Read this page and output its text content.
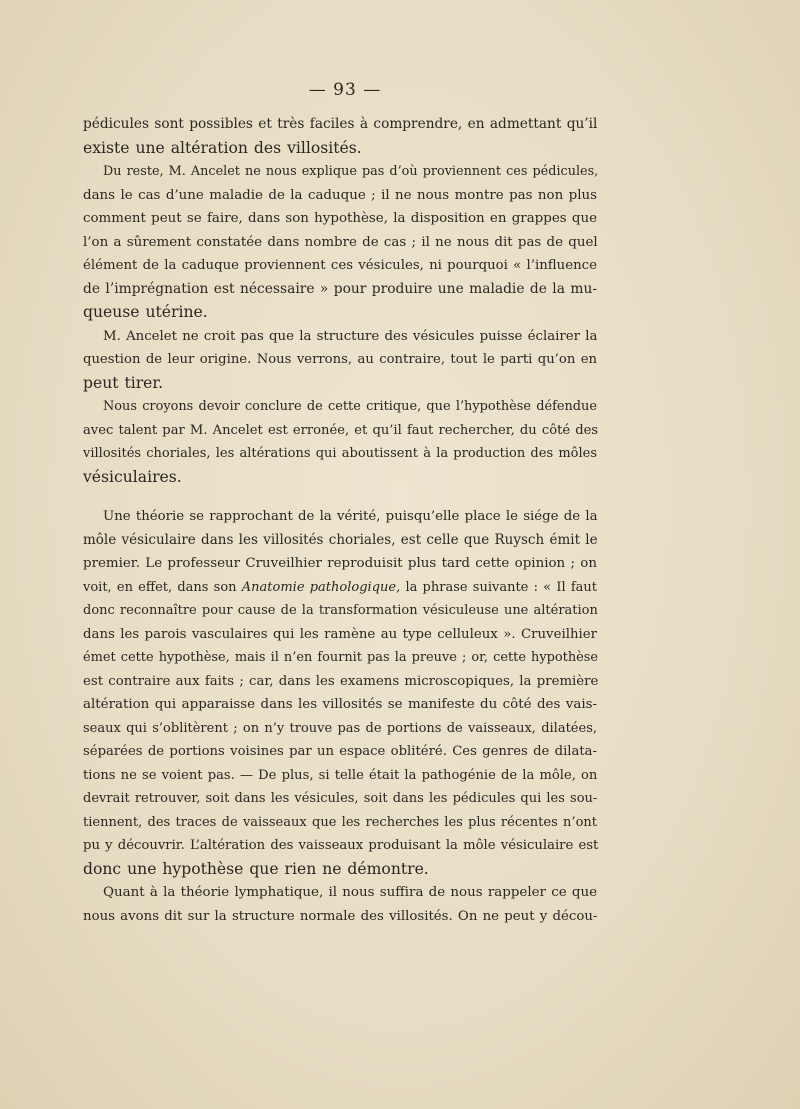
— 93 —
pédicules sont possibles et très faciles à comprendre, en admettant qu’il
existe une altération des villosités.
Du reste, M. Ancelet ne nous explique pas d’où proviennent ces pédicules,
dans le cas d’une maladie de la caduque ; il ne nous montre pas non plus
comment peut se faire, dans son hypothèse, la disposition en grappes que
l’on a sûrement constatée dans nombre de cas ; il ne nous dit pas de quel
élément de la caduque proviennent ces vésicules, ni pourquoi « l’influence
de l’imprégnation est nécessaire » pour produire une maladie de la mu-
queuse utérine.
M. Ancelet ne croit pas que la structure des vésicules puisse éclairer la
question de leur origine. Nous verrons, au contraire, tout le parti qu’on en
peut tirer.
Nous croyons devoir conclure de cette critique, que l’hypothèse défendue
avec talent par M. Ancelet est erronée, et qu’il faut rechercher, du côté des
villosités choriales, les altérations qui aboutissent à la production des môles
vésiculaires.
Une théorie se rapprochant de la vérité, puisqu’elle place le siége de la
môle vésiculaire dans les villosités choriales, est celle que Ruysch émit le
premier. Le professeur Cruveilhier reproduisit plus tard cette opinion ; on
voit, en effet, dans son Anatomie pathologique, la phrase suivante : « Il faut
donc reconnaître pour cause de la transformation vésiculeuse une altération
dans les parois vasculaires qui les ramène au type celluleux ». Cruveilhier
émet cette hypothèse, mais il n’en fournit pas la preuve ; or, cette hypothèse
est contraire aux faits ; car, dans les examens microscopiques, la première
altération qui apparaisse dans les villosités se manifeste du côté des vais-
seaux qui s’oblitèrent ; on n’y trouve pas de portions de vaisseaux, dilatées,
séparées de portions voisines par un espace oblitéré. Ces genres de dilata-
tions ne se voient pas. — De plus, si telle était la pathogénie de la môle, on
devrait retrouver, soit dans les vésicules, soit dans les pédicules qui les sou-
tiennent, des traces de vaisseaux que les recherches les plus récentes n’ont
pu y découvrir. L’altération des vaisseaux produisant la môle vésiculaire est
donc une hypothèse que rien ne démontre.
Quant à la théorie lymphatique, il nous suffira de nous rappeler ce que
nous avons dit sur la structure normale des villosités. On ne peut y décou-
